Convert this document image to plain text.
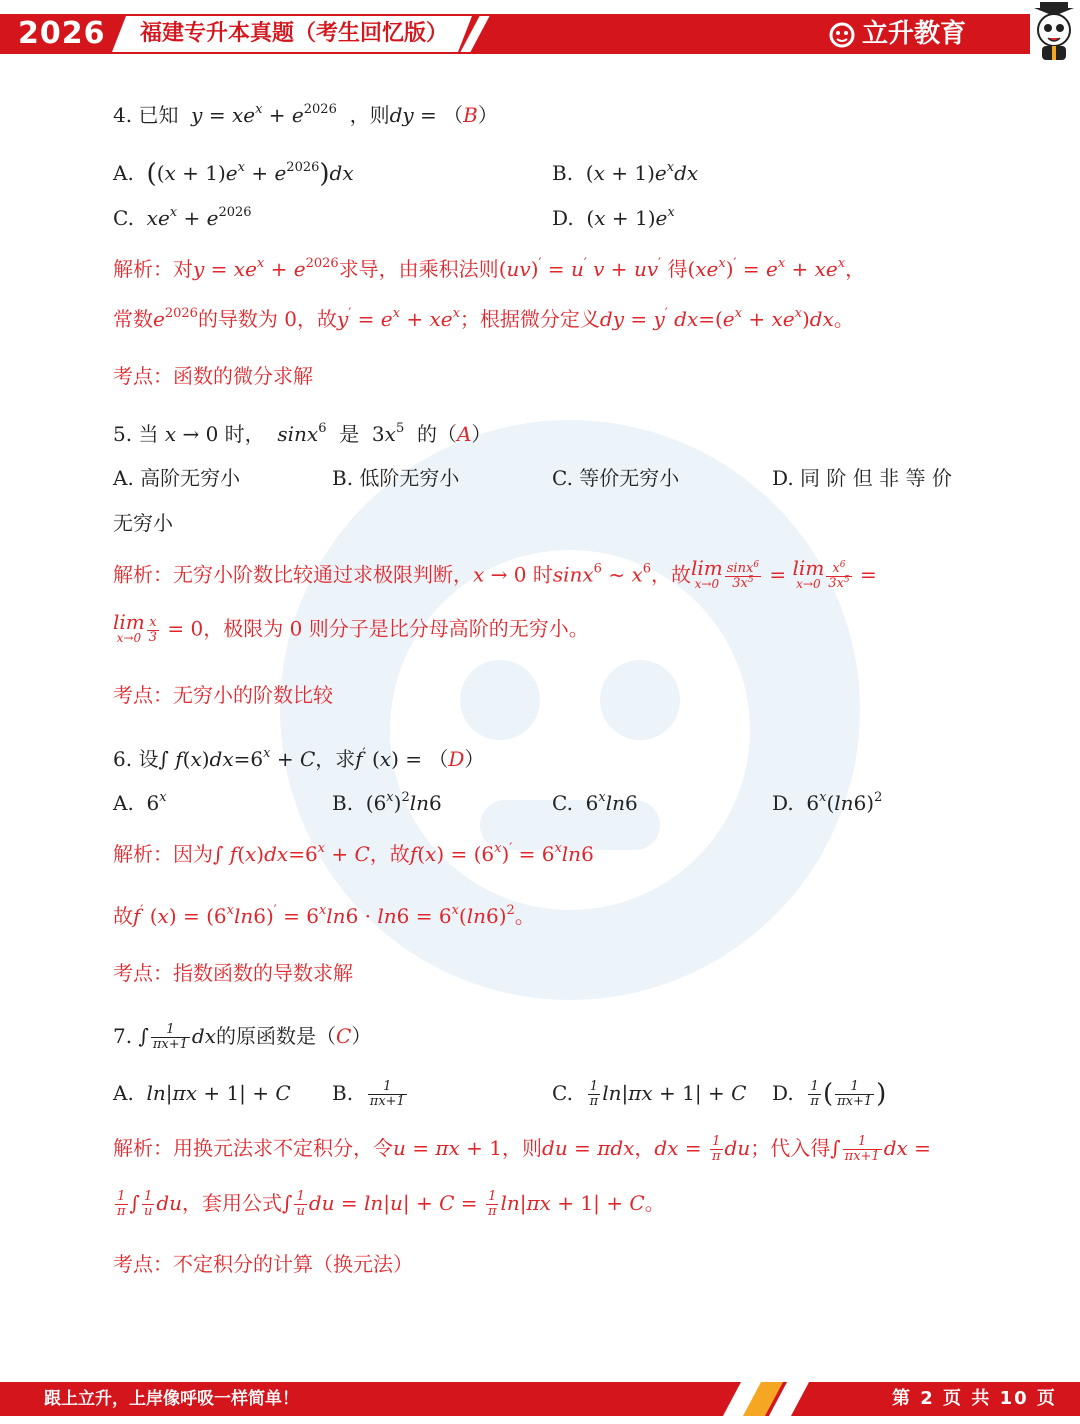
2026 福建专升本真题（考生回忆版）	立升教育
4. 已知 $y = xe^x + e^{2026}$ ，则dy = （B）
A. $((x + 1)e^x + e^{2026})dx$	B.  $(x + 1)e^xdx$
C. $xe^x + e^{2026}$	D.  $(x + 1)e^x$
解析：对$y = xe^x + e^{2026}$求导，由乘积法则(uv)′ = u′ v + uv′ 得$(xe^x)' = e^x + xe^x$，
常数$e^{2026}$的导数为 0，故$y' = e^x + xe^x$；根据微分定义dy = y′ $dx=(e^x + xe^x)dx$。
考点：函数的微分求解
5. 当 x → 0 时， sinx$^6$ 是  $3x^5$ 的（A）
A. 高阶无穷小	B. 低阶无穷小	C. 等价无穷小	D. 同 阶 但 非 等 价
无穷小
解析：无穷小阶数比较通过求极限判断，x → 0 时sinx$^6$ ~ $x^6$，故 lim
$x\to 0 \frac{\sin x^6}{3x^5} = \lim$
$x\to 0 \frac{x^6}{3x^5}$ =
lim
$x\to 0 \frac{x}{3} = 0$，极限为 0 则分子是比分母高阶的无穷小。
考点：无穷小的阶数比较
6. 设∫ $f(x)dx=6^x + C$，求f′ (x) = （D）
A.  6$^x$	B.  $(6^x)^2\ln 6$	C.  6$^x$ln6	D.  $6^x(\ln 6)^2$
解析：因为∫ $f(x)dx=6^x + C$，故$f(x) = (6^x)' = 6^x\ln 6$
故f′ $(x) = (6^x\ln 6)' = 6^x\ln 6 \cdot \ln 6 = 6^x(\ln 6)^2$。
考点：指数函数的导数求解
7. ∫ $\frac{1}{\pi x+1}$ dx的原函数是（C）
A.  ln|πx + 1| + C B. $\frac{1}{\pi x+1}$	C. $\frac{1}{\pi} \ln|\pi x + 1| + C$ D. $\frac{1}{\pi}$ ( $\frac{1}{\pi x+1}$ )
解析：用换元法求不定积分，令u = πx + 1，则du = πdx，dx = $\frac{1}{\pi}$ du；代入得∫ $\frac{1}{\pi x+1}$ dx =
$\frac{1}{\pi}$ ∫ $\frac{1}{u}$ du，套用公式∫ $\frac{1}{u}$ du = $\ln|u| + C = \frac{1}{\pi} \ln|\pi x + 1| + C$。
考点：不定积分的计算（换元法）
跟上立升，上岸像呼吸一样简单！	第 2 页 共 10 页
